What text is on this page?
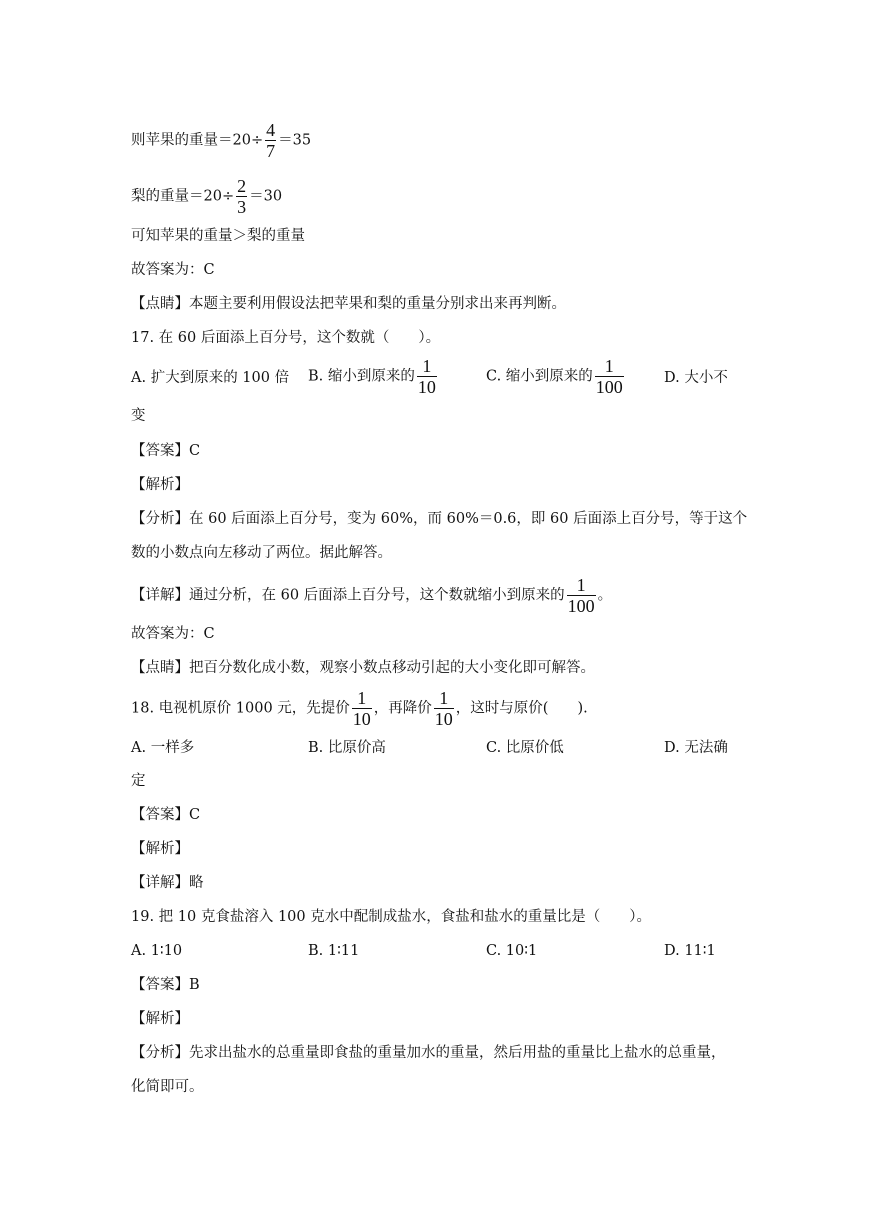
则苹果的重量$=20\div \frac{4}{7} =35$
梨的重量$=20\div \frac{2}{3} =30$
可知苹果的重量＞梨的重量
故答案为：C
【点睛】本题主要利用假设法把苹果和梨的重量分别求出来再判断。
17. 在 60 后面添上百分号，这个数就（　　）。
A. 扩大到原来的 100 倍 B. 缩小到原来的 $\frac{1}{10}$	C. 缩小到原来的 $\frac{1}{100}$	D. 大小不
变
【答案】C
【解析】
【分析】在 60 后面添上百分号，变为 60%，而 60%＝0.6，即 60 后面添上百分号，等于这个
数的小数点向左移动了两位。据此解答。
【详解】通过分析，在 60 后面添上百分号，这个数就缩小到原来的 $\frac{1}{100}$ 。
故答案为：C
【点睛】把百分数化成小数，观察小数点移动引起的大小变化即可解答。
18. 电视机原价 1000 元，先提价 $\frac{1}{10}$ ，再降价 $\frac{1}{10}$ ，这时与原价(　　).
A. 一样多	B. 比原价高	C. 比原价低	D. 无法确
定
【答案】C
【解析】
【详解】略
19. 把 10 克食盐溶入 100 克水中配制成盐水，食盐和盐水的重量比是（　　）。
A. 1∶10	B. 1∶11	C. 10∶1	D. 11∶1
【答案】B
【解析】
【分析】先求出盐水的总重量即食盐的重量加水的重量，然后用盐的重量比上盐水的总重量，
化简即可。
